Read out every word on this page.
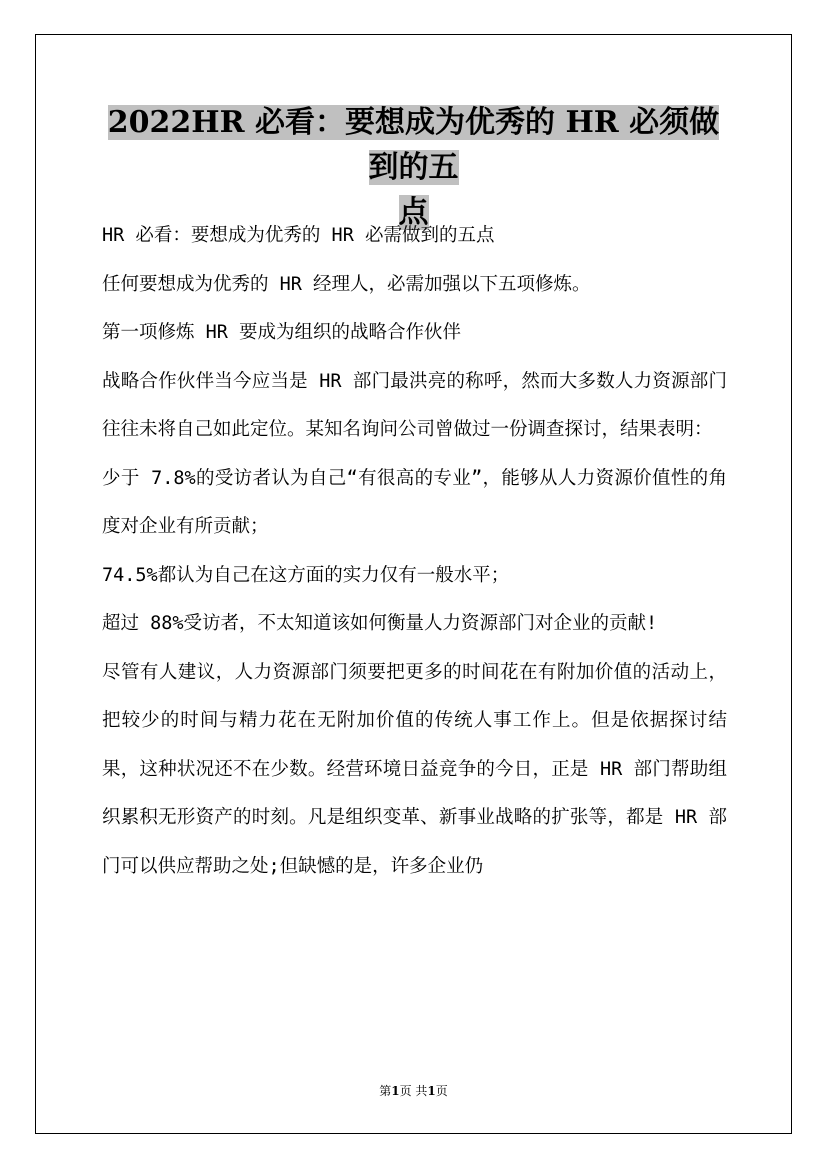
2022HR 必看：要想成为优秀的 HR 必须做到的五
点

HR 必看：要想成为优秀的 HR 必需做到的五点

任何要想成为优秀的 HR 经理人，必需加强以下五项修炼。

第一项修炼 HR 要成为组织的战略合作伙伴

战略合作伙伴当今应当是 HR 部门最洪亮的称呼，然而大多数人力资源部门往往未将自己如此定位。某知名询问公司曾做过一份调查探讨，结果表明：

少于 7.8%的受访者认为自己“有很高的专业”，能够从人力资源价值性的角度对企业有所贡献；

74.5%都认为自己在这方面的实力仅有一般水平；

超过 88%受访者，不太知道该如何衡量人力资源部门对企业的贡献!

尽管有人建议，人力资源部门须要把更多的时间花在有附加价值的活动上，把较少的时间与精力花在无附加价值的传统人事工作上。但是依据探讨结果，这种状况还不在少数。经营环境日益竞争的今日，正是 HR 部门帮助组织累积无形资产的时刻。凡是组织变革、新事业战略的扩张等，都是 HR 部门可以供应帮助之处;但缺憾的是，许多企业仍

第1页 共1页
